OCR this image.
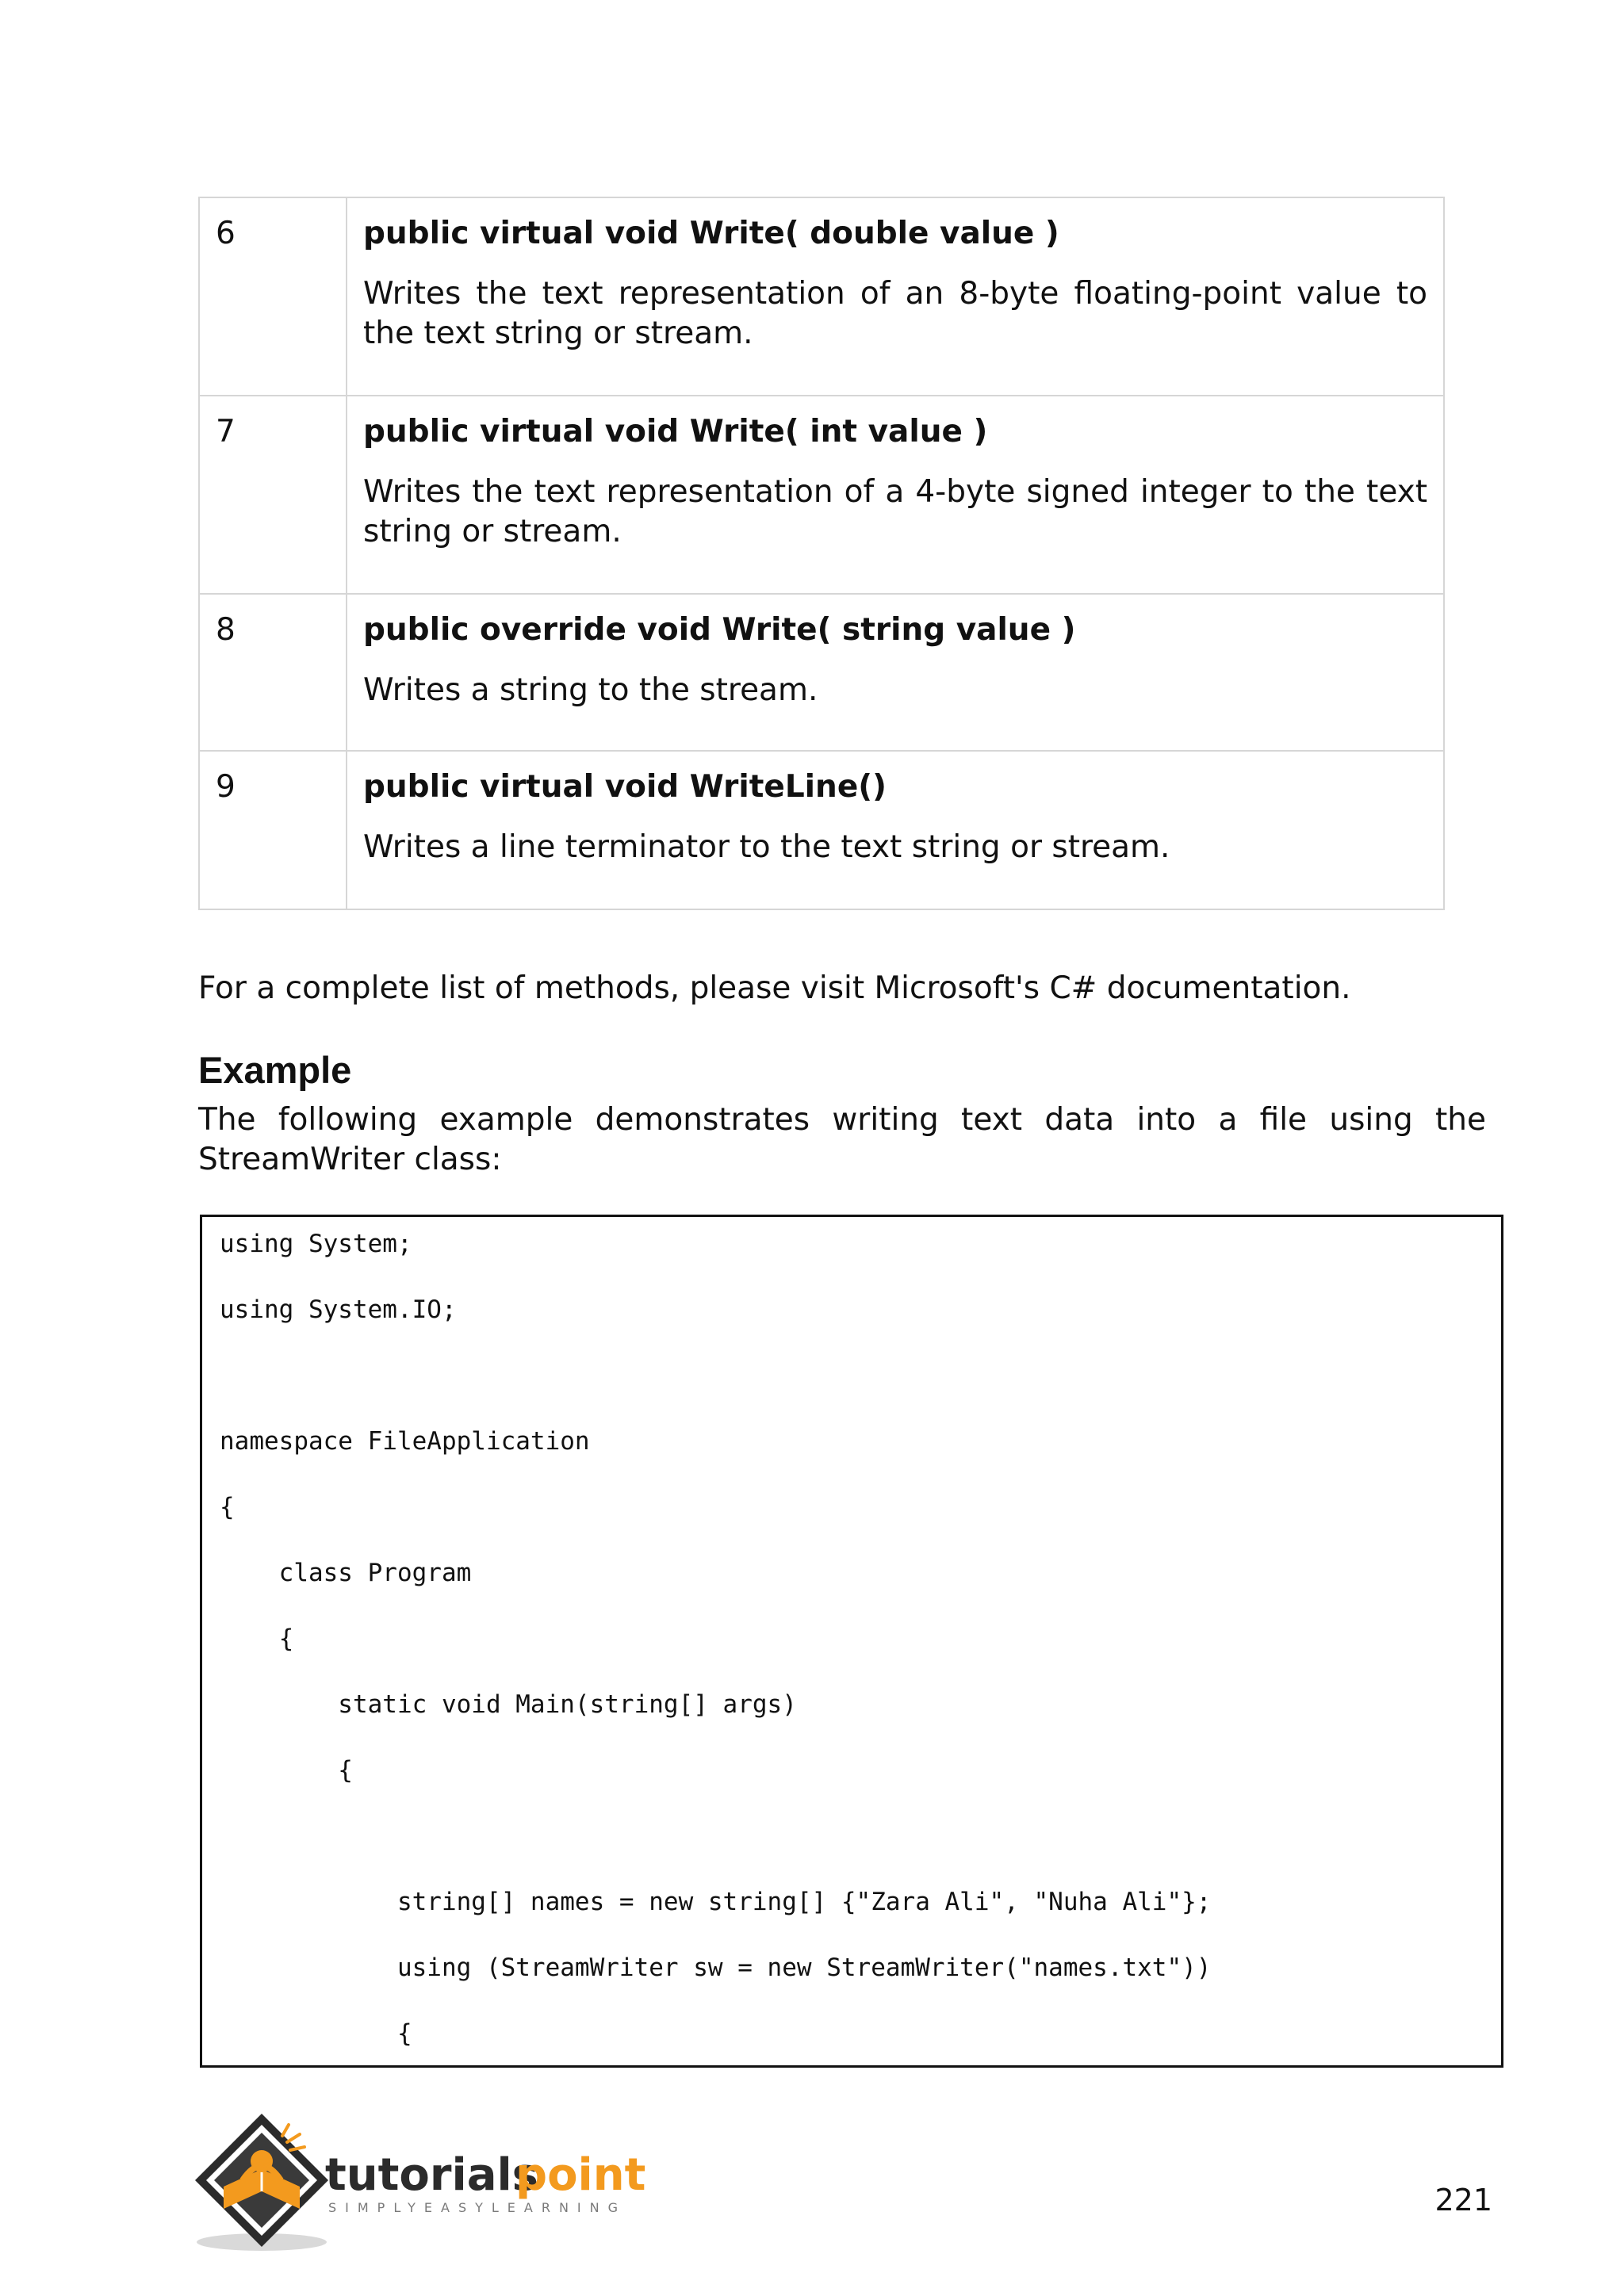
6	public virtual void Write( double value )

Writes the text representation of an 8-byte floating-point value to the text string or stream.

7	public virtual void Write( int value )

Writes the text representation of a 4-byte signed integer to the text string or stream.

8	public override void Write( string value )

Writes a string to the stream.

9	public virtual void WriteLine()

Writes a line terminator to the text string or stream.

For a complete list of methods, please visit Microsoft's C# documentation.

Example

The following example demonstrates writing text data into a file using the
StreamWriter class:

using System;
using System.IO;
namespace FileApplication
{
class Program
{
static void Main(string[] args)
{
string[] names = new string[] {"Zara Ali", "Nuha Ali"};
using (StreamWriter sw = new StreamWriter("names.txt"))
{
tutorials
point
SIMPLYEASYLEARNING	221
